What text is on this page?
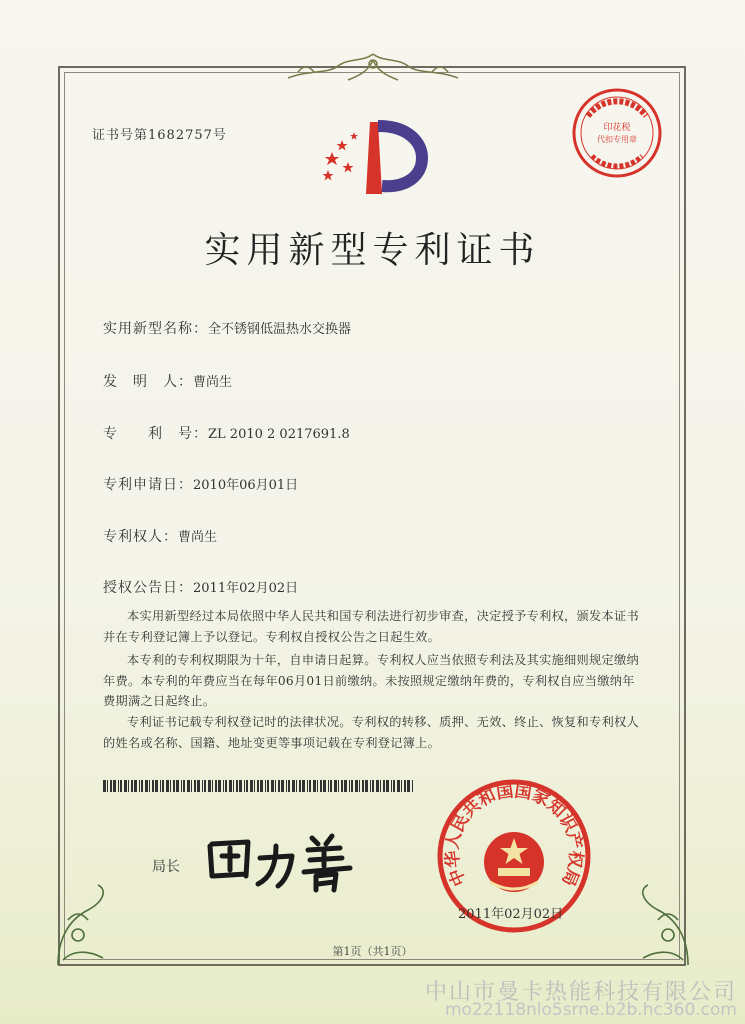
证书号第1682757号	印花税
代扣专用章
实用新型专利证书
实用新型名称：全不锈钢低温热水交换器
发　明　人：曹尚生
专　　利　号：ZL 2010 2 0217691.8
专利申请日：2010年06月01日
专利权人：曹尚生
授权公告日：2011年02月02日
本实用新型经过本局依照中华人民共和国专利法进行初步审查，决定授予专利权，颁发本证书并在专利登记簿上予以登记。专利权自授权公告之日起生效。
本专利的专利权期限为十年，自申请日起算。专利权人应当依照专利法及其实施细则规定缴纳年费。本专利的年费应当在每年06月01日前缴纳。未按照规定缴纳年费的，专利权自应当缴纳年费期满之日起终止。
专利证书记载专利权登记时的法律状况。专利权的转移、质押、无效、终止、恢复和专利权人的姓名或名称、国籍、地址变更等事项记载在专利登记簿上。
局长	中华人民共和国国家知识产权局
2011年02月02日
第1页（共1页）
中山市曼卡热能科技有限公司
mo22118nlo5srne.b2b.hc360.com
